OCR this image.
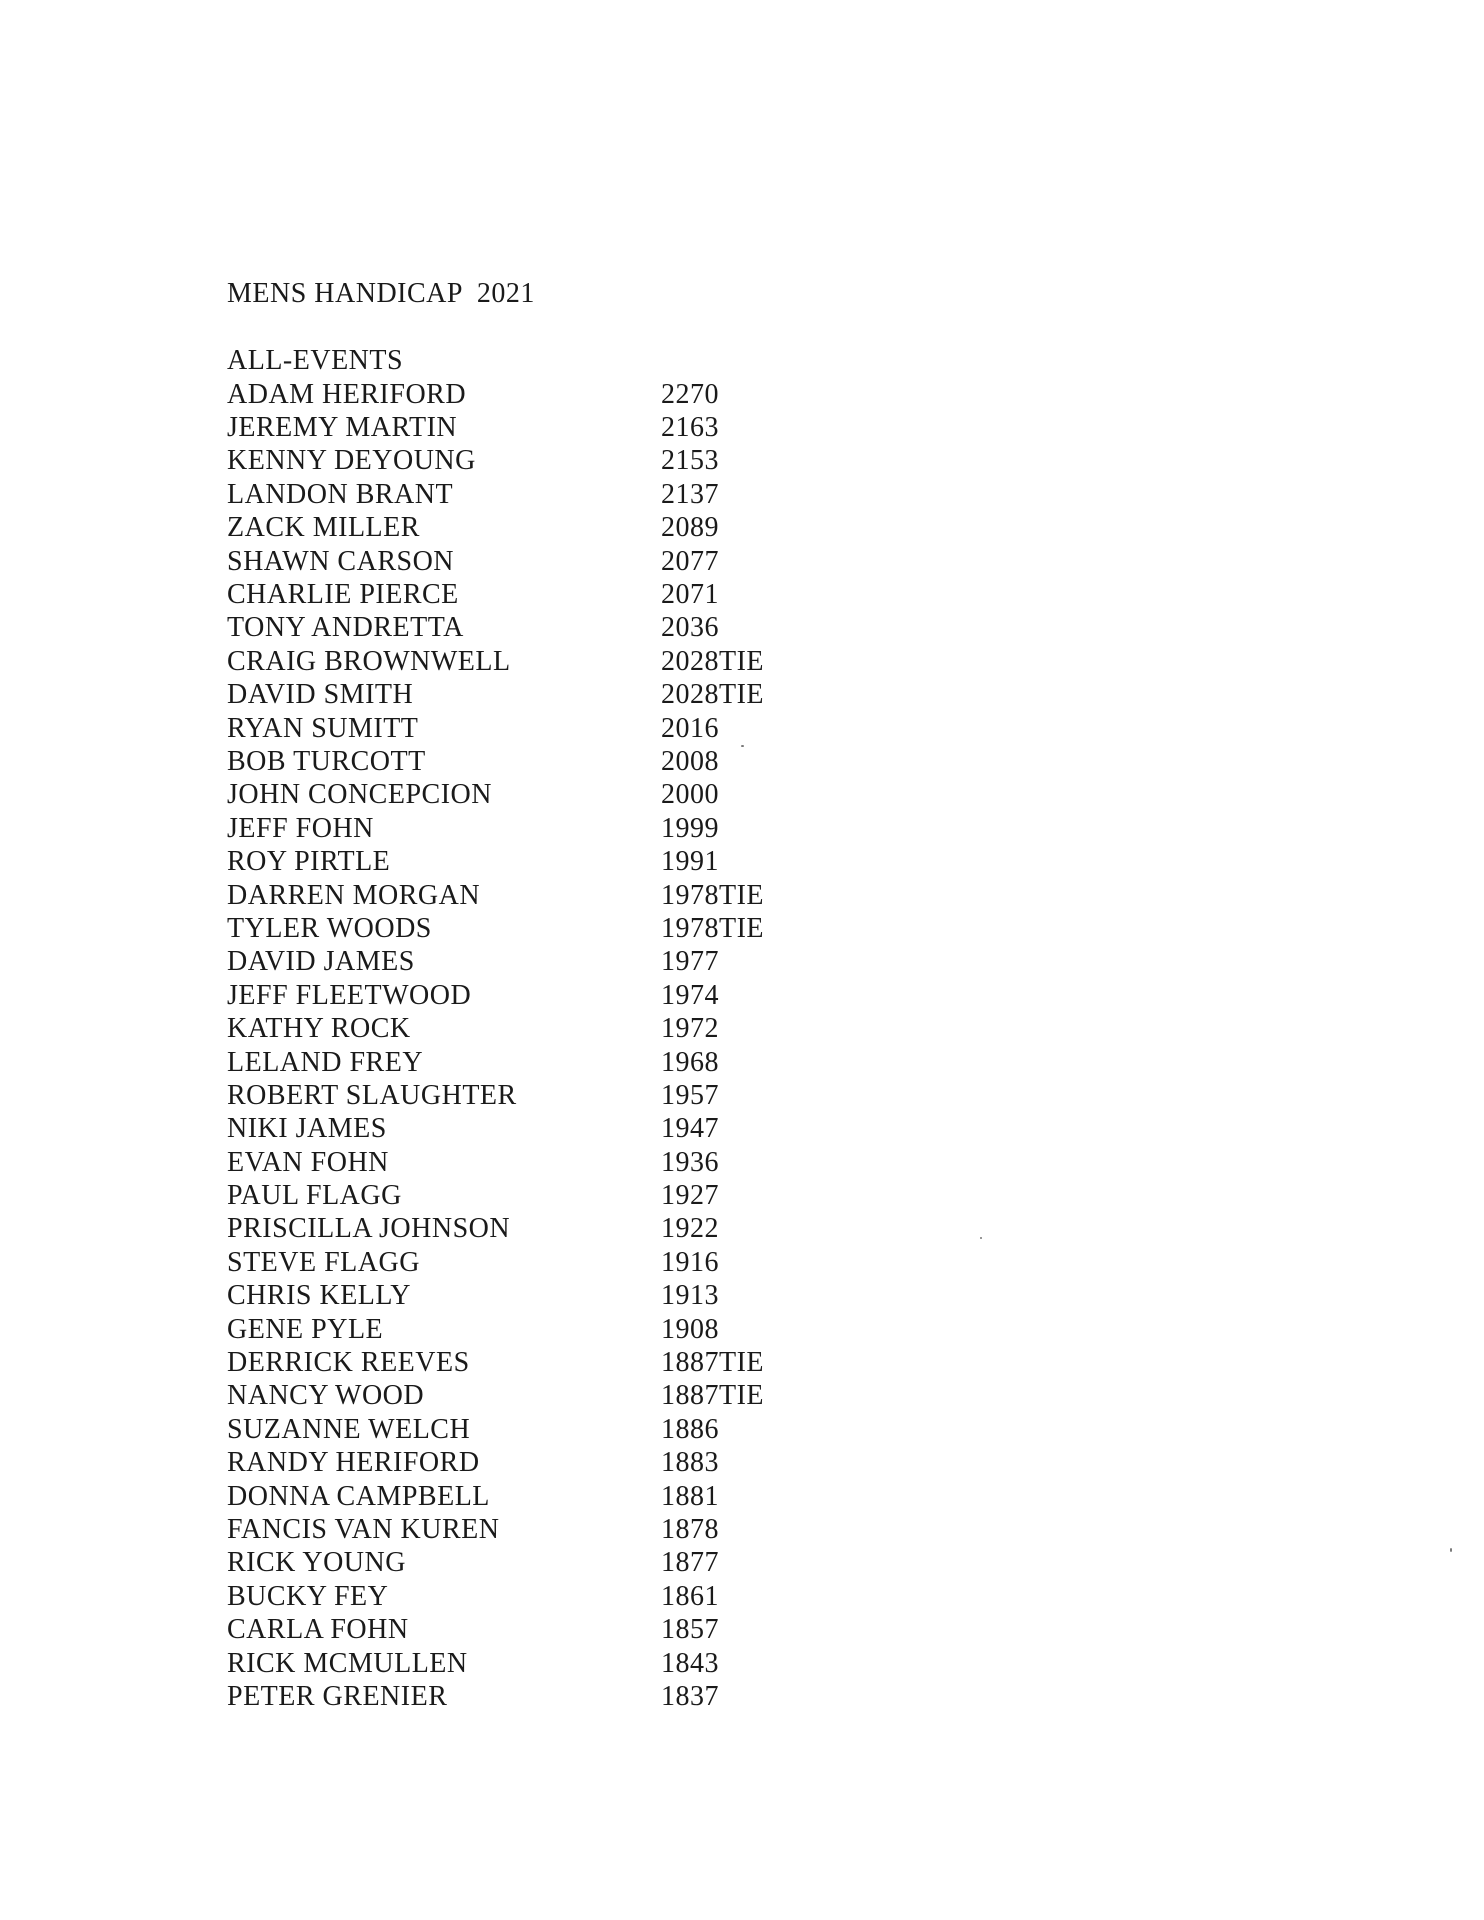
MENS HANDICAP  2021
ALL-EVENTS
ADAM HERIFORD	2270
JEREMY MARTIN	2163
KENNY DEYOUNG	2153
LANDON BRANT	2137
ZACK MILLER	2089
SHAWN CARSON	2077
CHARLIE PIERCE	2071
TONY ANDRETTA	2036
CRAIG BROWNWELL	2028TIE
DAVID SMITH	2028TIE
RYAN SUMITT	2016
BOB TURCOTT	2008
JOHN CONCEPCION	2000
JEFF FOHN	1999
ROY PIRTLE	1991
DARREN MORGAN	1978TIE
TYLER WOODS	1978TIE
DAVID JAMES	1977
JEFF FLEETWOOD	1974
KATHY ROCK	1972
LELAND FREY	1968
ROBERT SLAUGHTER	1957
NIKI JAMES	1947
EVAN FOHN	1936
PAUL FLAGG	1927
PRISCILLA JOHNSON	1922
STEVE FLAGG	1916
CHRIS KELLY	1913
GENE PYLE	1908
DERRICK REEVES	1887TIE
NANCY WOOD	1887TIE
SUZANNE WELCH	1886
RANDY HERIFORD	1883
DONNA CAMPBELL	1881
FANCIS VAN KUREN	1878
RICK YOUNG	1877
BUCKY FEY	1861
CARLA FOHN	1857
RICK MCMULLEN	1843
PETER GRENIER	1837
